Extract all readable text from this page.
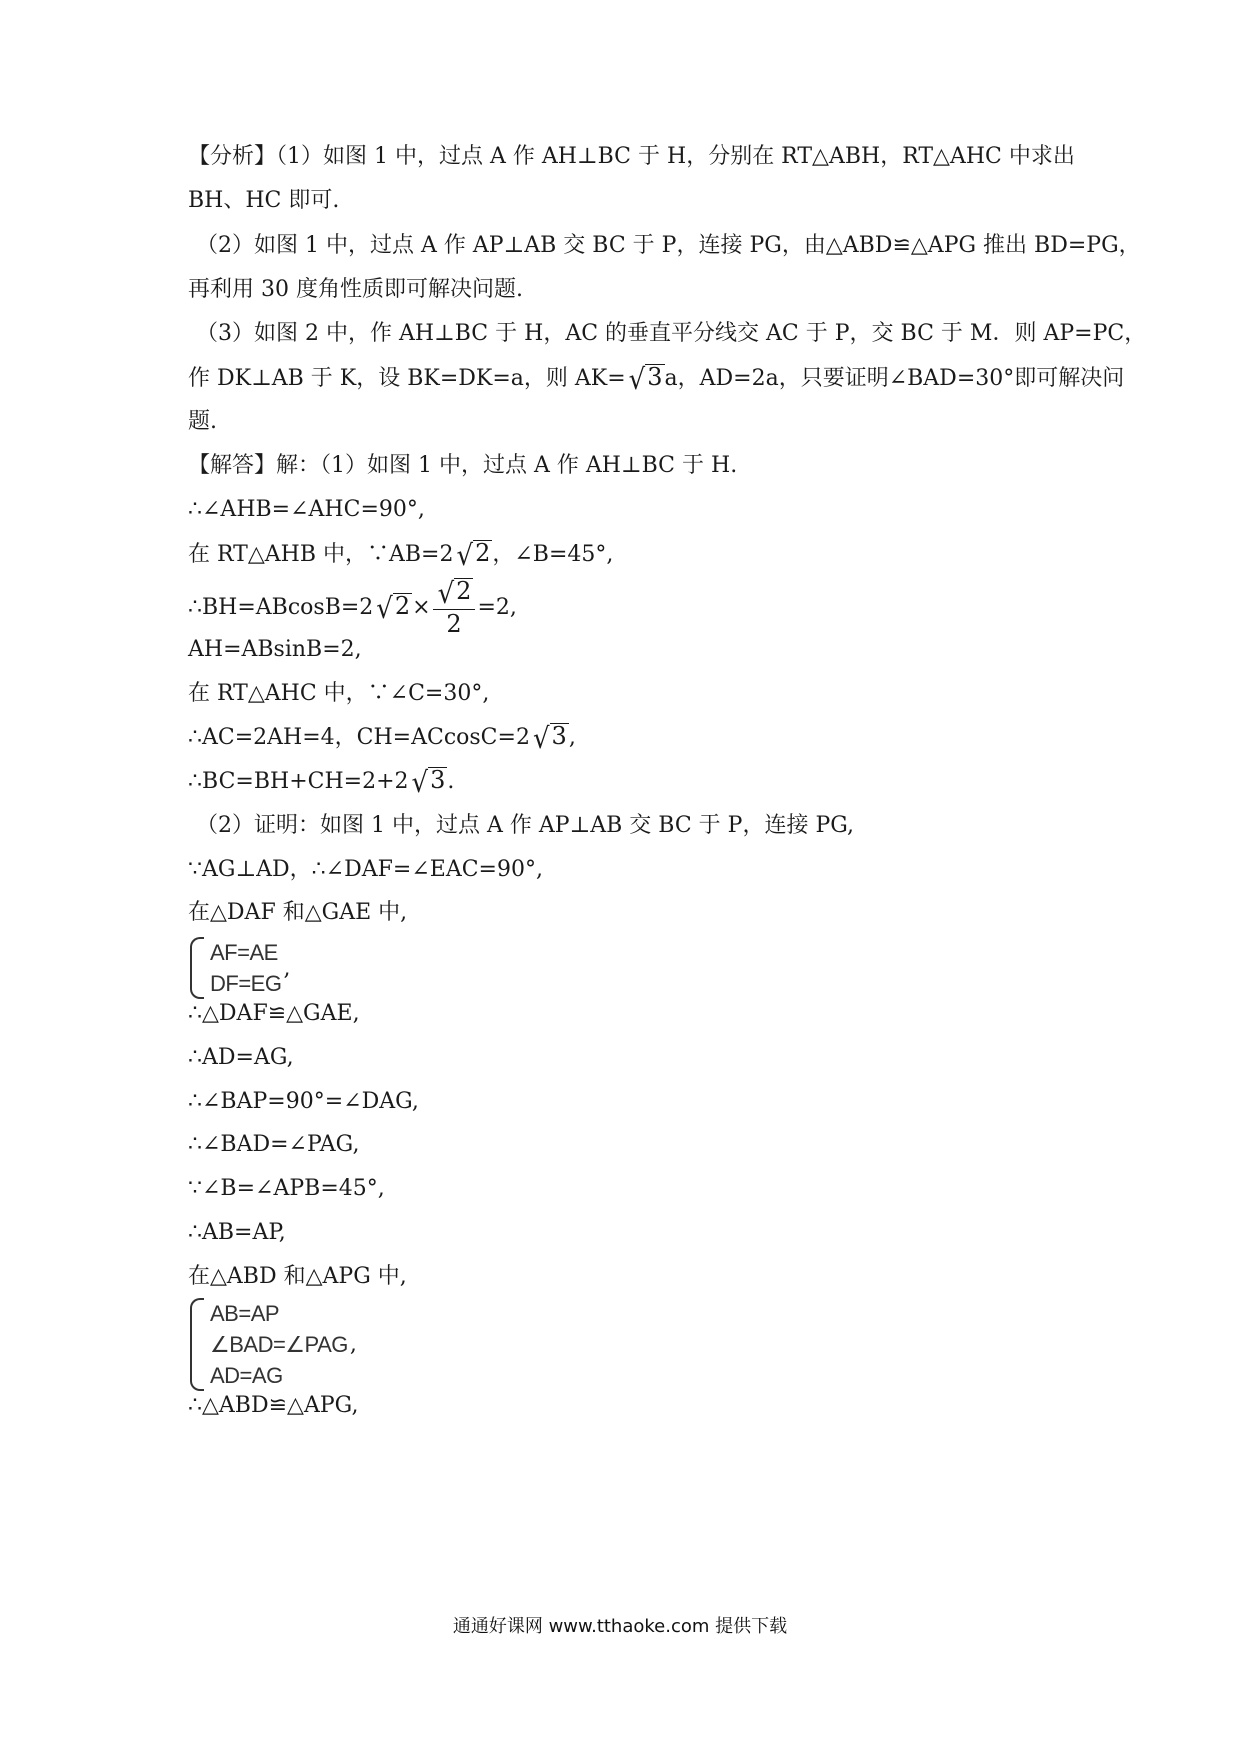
【分析】（1）如图 1 中，过点 A 作 AH⊥BC 于 H，分别在 RT△ABH，RT△AHC 中求出
BH、HC 即可.
（2）如图 1 中，过点 A 作 AP⊥AB 交 BC 于 P，连接 PG，由△ABD≌△APG 推出 BD=PG，
再利用 30 度角性质即可解决问题.
（3）如图 2 中，作 AH⊥BC 于 H，AC 的垂直平分线交 AC 于 P，交 BC 于 M．则 AP=PC，
作 DK⊥AB 于 K，设 BK=DK=a，则 AK= √3a，AD=2a，只要证明∠BAD=30°即可解决问
题.
【解答】解：（1）如图 1 中，过点 A 作 AH⊥BC 于 H.
∴∠AHB=∠AHC=90°,
在 RT△AHB 中，∵AB=2 √2，∠B=45°,
∴BH=ABcosB=2 $√2\times \frac{√2}{2} =2$,
AH=ABsinB=2,
在 RT△AHC 中，∵∠C=30°,
∴AC=2AH=4，CH=ACcosC=2 √3,
∴BC=BH+CH=2+2 √3.
（2）证明：如图 1 中，过点 A 作 AP⊥AB 交 BC 于 P，连接 PG,
∵AG⊥AD，∴∠DAF=∠EAC=90°,
在△DAF 和△GAE 中,
AF=AE
DF=EG
,
∴△DAF≌△GAE,
∴AD=AG,
∴∠BAP=90°=∠DAG,
∴∠BAD=∠PAG,
∵∠B=∠APB=45°,
∴AB=AP,
在△ABD 和△APG 中,
AB=AP
∠BAD=∠PAG
AD=AG
,
∴△ABD≌△APG,
通通好课网 www.tthaoke.com 提供下载
